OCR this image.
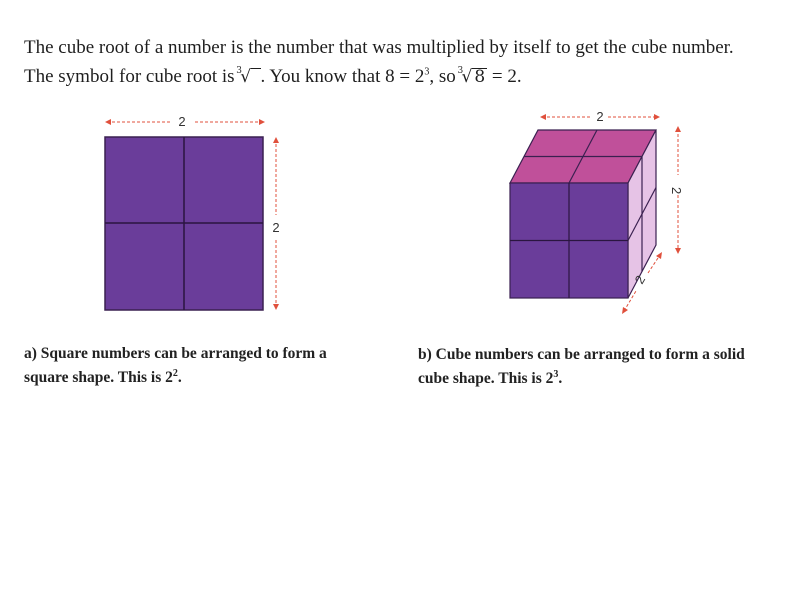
The cube root of a number is the number that was multiplied by itself to get the cube number.

The symbol for cube root is 3
√ . You know that $8 = 2^3$, so 3
√ 8 = 2.

2
2

a) Square numbers can be arranged to form a

square shape. This is $2^2$.

2
2
2

b) Cube numbers can be arranged to form a solid

cube shape. This is $2^3$.
